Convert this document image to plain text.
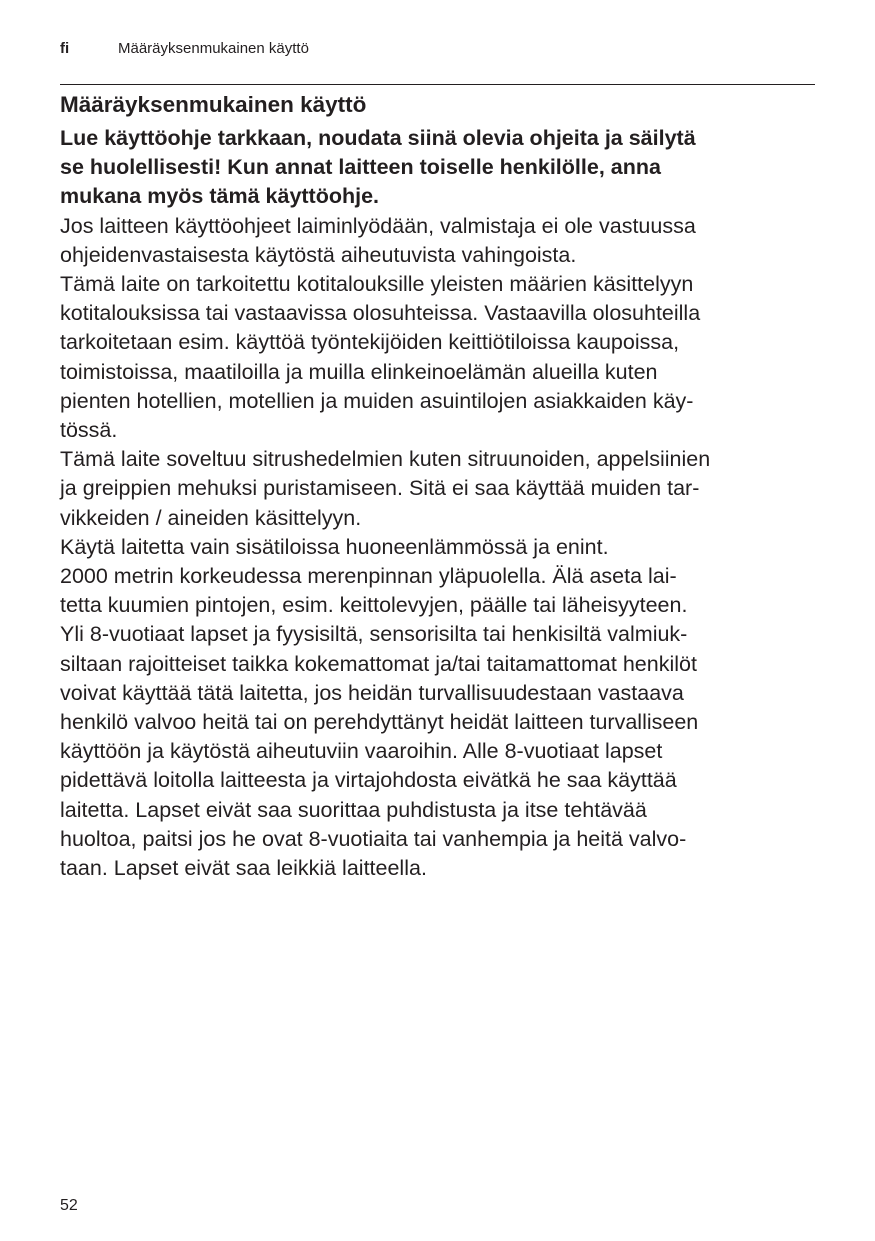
fi	Määräyksenmukainen käyttö
Määräyksenmukainen käyttö
Lue käyttöohje tarkkaan, noudata siinä olevia ohjeita ja säilytä
se huolellisesti! Kun annat laitteen toiselle henkilölle, anna
mukana myös tämä käyttöohje.
Jos laitteen käyttöohjeet laiminlyödään, valmistaja ei ole vastuussa
ohjeidenvastaisesta käytöstä aiheutuvista vahingoista.
Tämä laite on tarkoitettu kotitalouksille yleisten määrien käsittelyyn
kotitalouksissa tai vastaavissa olosuhteissa. Vastaavilla olosuhteilla
tarkoitetaan esim. käyttöä työntekijöiden keittiötiloissa kaupoissa,
toimistoissa, maatiloilla ja muilla elinkeinoelämän alueilla kuten
pienten hotellien, motellien ja muiden asuintilojen asiakkaiden käy-
tössä.
Tämä laite soveltuu sitrushedelmien kuten sitruunoiden, appelsiinien
ja greippien mehuksi puristamiseen. Sitä ei saa käyttää muiden tar-
vikkeiden / aineiden käsittelyyn.
Käytä laitetta vain sisätiloissa huoneenlämmössä ja enint.
2000 metrin korkeudessa merenpinnan yläpuolella. Älä aseta lai-
tetta kuumien pintojen, esim. keittolevyjen, päälle tai läheisyyteen.
Yli 8-vuotiaat lapset ja fyysisiltä, sensorisilta tai henkisiltä valmiuk-
siltaan rajoitteiset taikka kokemattomat ja/tai taitamattomat henkilöt
voivat käyttää tätä laitetta, jos heidän turvallisuudestaan vastaava
henkilö valvoo heitä tai on perehdyttänyt heidät laitteen turvalliseen
käyttöön ja käytöstä aiheutuviin vaaroihin. Alle 8-vuotiaat lapset
pidettävä loitolla laitteesta ja virtajohdosta eivätkä he saa käyttää
laitetta. Lapset eivät saa suorittaa puhdistusta ja itse tehtävää
huoltoa, paitsi jos he ovat 8-vuotiaita tai vanhempia ja heitä valvo-
taan. Lapset eivät saa leikkiä laitteella.
52
